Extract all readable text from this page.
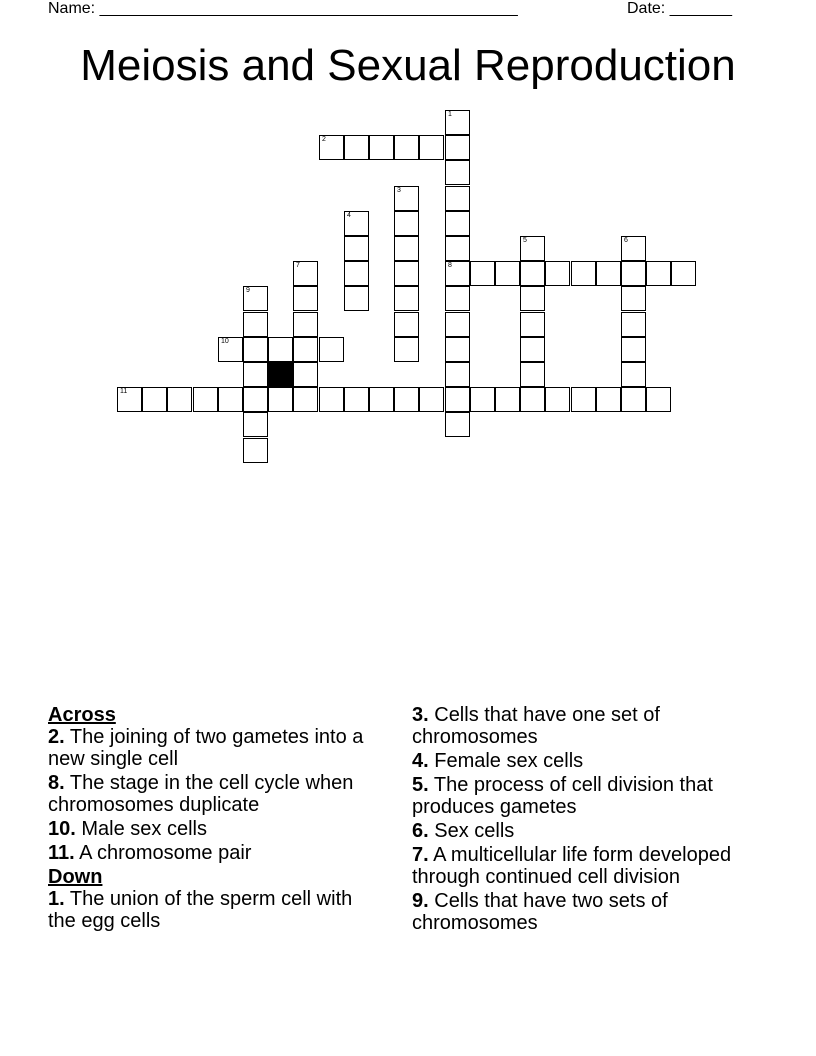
Name: _______________________________________________	Date: _______
Meiosis and Sexual Reproduction
1
8
2
3
4
5	6
7
9
10
11
Across
2. The joining of two gametes into a new single cell
8. The stage in the cell cycle when chromosomes duplicate
10. Male sex cells
11. A chromosome pair
Down
1. The union of the sperm cell with the egg cells
3. Cells that have one set of chromosomes
4. Female sex cells
5. The process of cell division that produces gametes
6. Sex cells
7. A multicellular life form developed through continued cell division
9. Cells that have two sets of chromosomes
